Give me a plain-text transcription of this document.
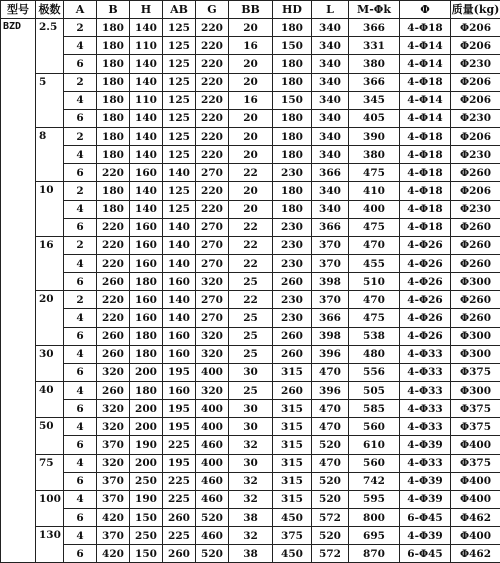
型号	极数	A	B	H	AB	G	BB	HD	L	M-Φk	Φ	质量(kg)	
BZD	2.5	2	180	140	125	220	20	180	340	366	4-Φ18	Φ206	
		4	180	110	125	220	16	150	340	331	4-Φ14	Φ206	
		6	180	140	125	220	20	180	340	380	4-Φ14	Φ230	
	5	2	180	140	125	220	20	180	340	366	4-Φ18	Φ206	
		4	180	110	125	220	16	150	340	345	4-Φ14	Φ206	
		6	180	140	125	220	20	180	340	405	4-Φ14	Φ230	
	8	2	180	140	125	220	20	180	340	390	4-Φ18	Φ206	
		4	180	140	125	220	20	180	340	380	4-Φ18	Φ230	
		6	220	160	140	270	22	230	366	475	4-Φ18	Φ260	
	10	2	180	140	125	220	20	180	340	410	4-Φ18	Φ206	
		4	180	140	125	220	20	180	340	400	4-Φ18	Φ230	
		6	220	160	140	270	22	230	366	475	4-Φ18	Φ260	
	16	2	220	160	140	270	22	230	370	470	4-Φ26	Φ260	
		4	220	160	140	270	22	230	370	455	4-Φ26	Φ260	
		6	260	180	160	320	25	260	398	510	4-Φ26	Φ300	
	20	2	220	160	140	270	22	230	370	470	4-Φ26	Φ260	
		4	220	160	140	270	25	230	366	475	4-Φ26	Φ260	
		6	260	180	160	320	25	260	398	538	4-Φ26	Φ300	
	30	4	260	180	160	320	25	260	396	480	4-Φ33	Φ300	
		6	320	200	195	400	30	315	470	556	4-Φ33	Φ375	
	40	4	260	180	160	320	25	260	396	505	4-Φ33	Φ300	
		6	320	200	195	400	30	315	470	585	4-Φ33	Φ375	
	50	4	320	200	195	400	30	315	470	560	4-Φ33	Φ375	
		6	370	190	225	460	32	315	520	610	4-Φ39	Φ400	
	75	4	320	200	195	400	30	315	470	560	4-Φ33	Φ375	
		6	370	250	225	460	32	315	520	742	4-Φ39	Φ400	
	100	4	370	190	225	460	32	315	520	595	4-Φ39	Φ400	
		6	420	150	260	520	38	450	572	800	6-Φ45	Φ462	
	130	4	370	250	225	460	32	375	520	695	4-Φ39	Φ400	
		6	420	150	260	520	38	450	572	870	6-Φ45	Φ462	
